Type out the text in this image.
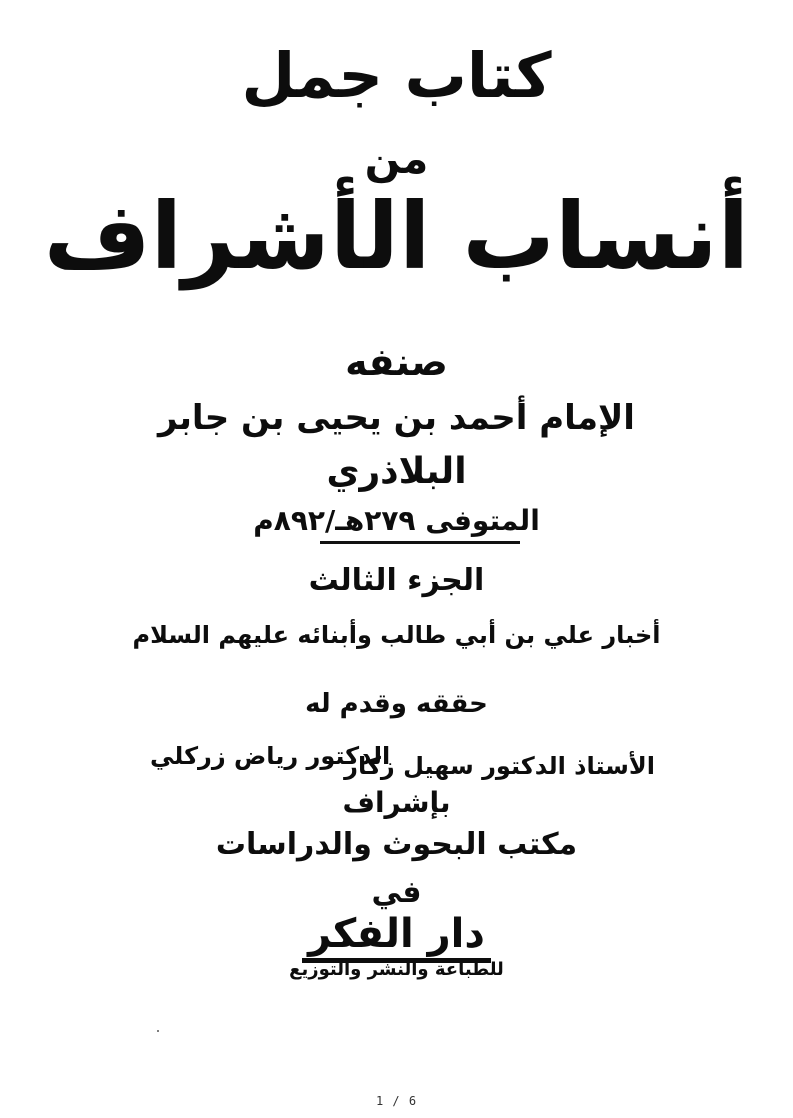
كتاب جمل
من
أنساب الأشراف
صنفه
الإمام أحمد بن يحيى بن جابر
البلاذري
المتوفى ٢٧٩هـ/٨٩٢م
الجزء الثالث
أخبار علي بن أبي طالب وأبنائه عليهم السلام
حققه وقدم له
الأستاذ الدكتور سهيل زكار
الدكتور رياض زركلي
بإشراف
مكتب البحوث والدراسات
في
دار الفكر
للطباعة والنشر والتوزيع
1 / 6
